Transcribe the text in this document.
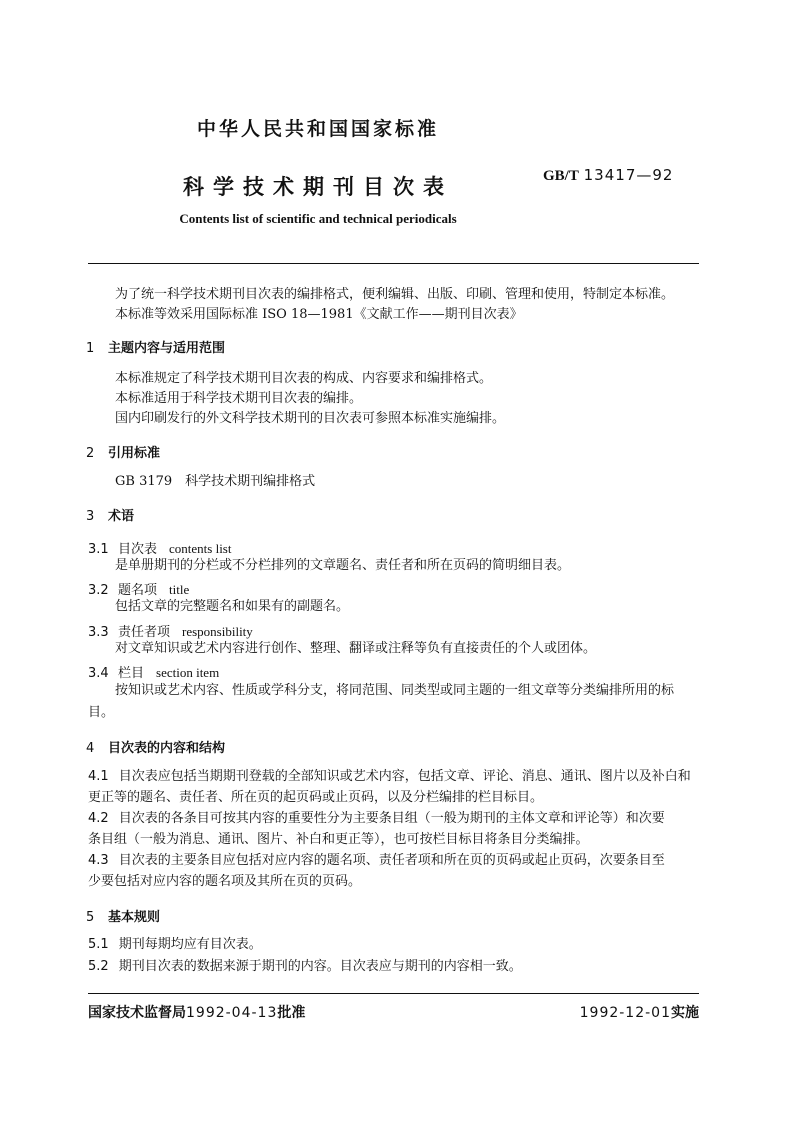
中华人民共和国国家标准
科学技术期刊目次表	GB/T 13417—92
Contents list of scientific and technical periodicals
为了统一科学技术期刊目次表的编排格式，便利编辑、出版、印刷、管理和使用，特制定本标准。
本标准等效采用国际标准 ISO 18—1981《文献工作——期刊目次表》
1 主题内容与适用范围
本标准规定了科学技术期刊目次表的构成、内容要求和编排格式。
本标准适用于科学技术期刊目次表的编排。
国内印刷发行的外文科学技术期刊的目次表可参照本标准实施编排。
2 引用标准
GB 3179　科学技术期刊编排格式
3 术语
3.1 目次表 contents list
是单册期刊的分栏或不分栏排列的文章题名、责任者和所在页码的简明细目表。
3.2 题名项 title
包括文章的完整题名和如果有的副题名。
3.3 责任者项 responsibility
对文章知识或艺术内容进行创作、整理、翻译或注释等负有直接责任的个人或团体。
3.4 栏目 section item
按知识或艺术内容、性质或学科分支，将同范围、同类型或同主题的一组文章等分类编排所用的标
目。
4 目次表的内容和结构
4.1 目次表应包括当期期刊登载的全部知识或艺术内容，包括文章、评论、消息、通讯、图片以及补白和
更正等的题名、责任者、所在页的起页码或止页码，以及分栏编排的栏目标目。
4.2 目次表的各条目可按其内容的重要性分为主要条目组（一般为期刊的主体文章和评论等）和次要
条目组（一般为消息、通讯、图片、补白和更正等），也可按栏目标目将条目分类编排。
4.3 目次表的主要条目应包括对应内容的题名项、责任者项和所在页的页码或起止页码，次要条目至
少要包括对应内容的题名项及其所在页的页码。
5 基本规则
5.1 期刊每期均应有目次表。
5.2 期刊目次表的数据来源于期刊的内容。目次表应与期刊的内容相一致。
国家技术监督局1992-04-13批准	1992-12-01实施
